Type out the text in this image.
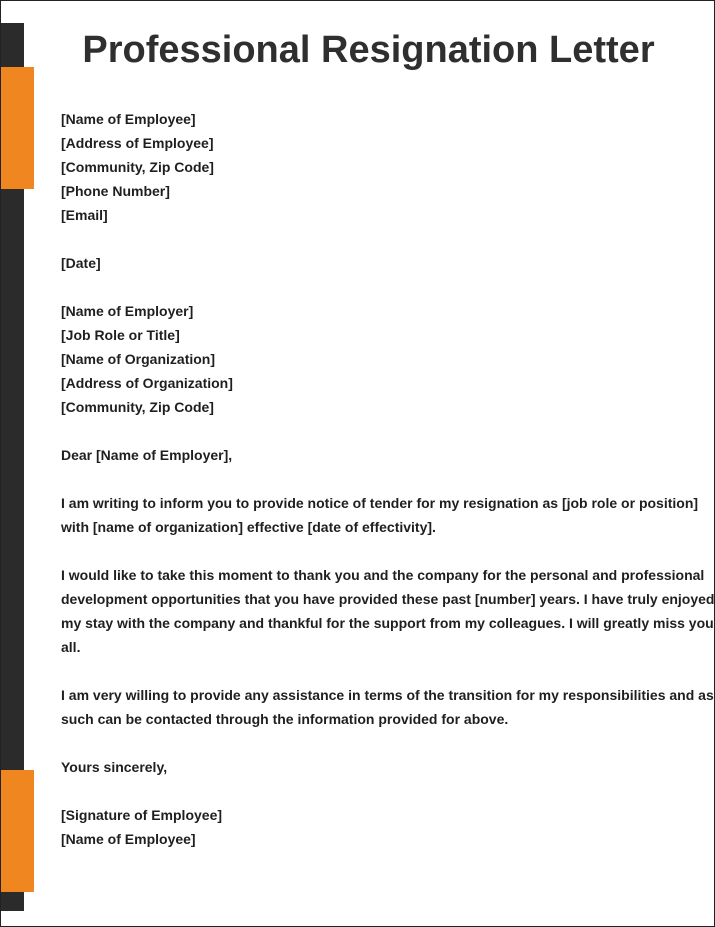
Professional Resignation Letter
[Name of Employee]
[Address of Employee]
[Community, Zip Code]
[Phone Number]
[Email]
[Date]
[Name of Employer]
[Job Role or Title]
[Name of Organization]
[Address of Organization]
[Community, Zip Code]
Dear [Name of Employer],
I am writing to inform you to provide notice of tender for my resignation as [job role or position]
with [name of organization] effective [date of effectivity].
I would like to take this moment to thank you and the company for the personal and professional
development opportunities that you have provided these past [number] years. I have truly enjoyed
my stay with the company and thankful for the support from my colleagues. I will greatly miss you
all.
I am very willing to provide any assistance in terms of the transition for my responsibilities and as
such can be contacted through the information provided for above.
Yours sincerely,
[Signature of Employee]
[Name of Employee]
